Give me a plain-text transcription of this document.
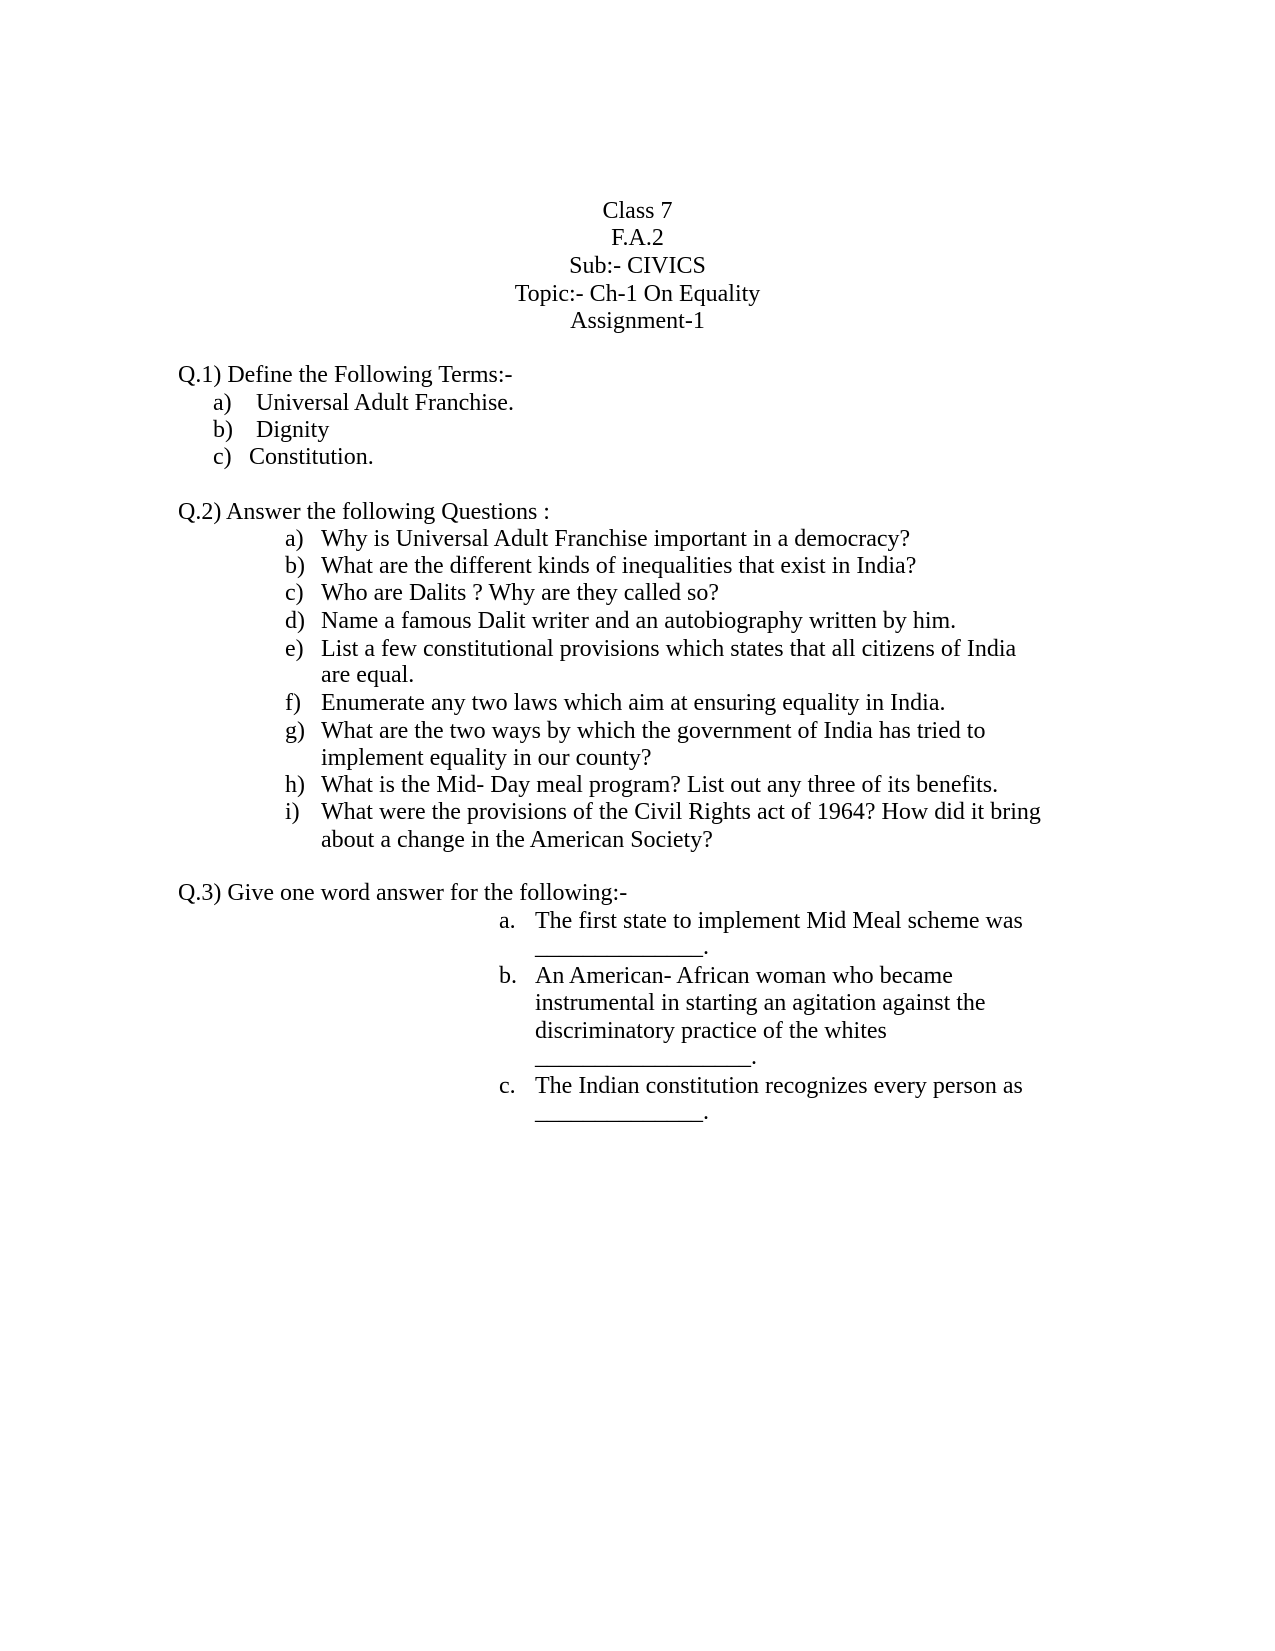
Class 7
F.A.2
Sub:- CIVICS
Topic:- Ch-1 On Equality
Assignment-1
Q.1) Define the Following Terms:-
a) Universal Adult Franchise.
b) Dignity
c) Constitution.
Q.2) Answer the following Questions :
a) Why is Universal Adult Franchise important in a democracy?
b) What are the different kinds of inequalities that exist in India?
c) Who are Dalits ? Why are they called so?
d) Name a famous Dalit writer and an autobiography written by him.
e) List a few constitutional provisions which states that all citizens of India
are equal.
f) Enumerate any two laws which aim at ensuring equality in India.
g) What are the two ways by which the government of India has tried to
implement equality in our county?
h) What is the Mid- Day meal program? List out any three of its benefits.
i) What were the provisions of the Civil Rights act of 1964? How did it bring
about a change in the American Society?
Q.3) Give one word answer for the following:-
a. The first state to implement Mid Meal scheme was
______________.
b. An American- African woman who became
instrumental in starting an agitation against the
discriminatory practice of the whites
__________________.
c. The Indian constitution recognizes every person as
______________.
